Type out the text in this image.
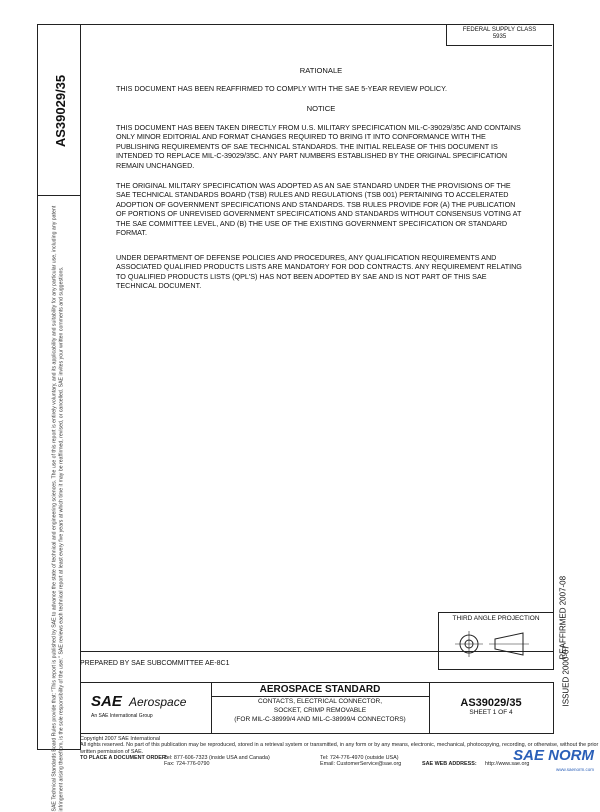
AS39029/35
SAE Technical Standards Board Rules provide that: "This report is published by SAE to advance the state of technical and engineering sciences. The use of this report is entirely voluntary, and its applicability and suitability for any particular use, including any patent infringement arising therefrom, is the sole responsibility of the user." SAE reviews each technical report at least every five years at which time it may be reaffirmed, revised, or cancelled. SAE invites your written comments and suggestions.
FEDERAL SUPPLY CLASS
5935
RATIONALE

THIS DOCUMENT HAS BEEN REAFFIRMED TO COMPLY WITH THE SAE 5-YEAR REVIEW POLICY.

NOTICE

THIS DOCUMENT HAS BEEN TAKEN DIRECTLY FROM U.S. MILITARY SPECIFICATION MIL-C-39029/35C AND CONTAINS ONLY MINOR EDITORIAL AND FORMAT CHANGES REQUIRED TO BRING IT INTO CONFORMANCE WITH THE PUBLISHING REQUIREMENTS OF SAE TECHNICAL STANDARDS. THE INITIAL RELEASE OF THIS DOCUMENT IS INTENDED TO REPLACE MIL-C-39029/35C. ANY PART NUMBERS ESTABLISHED BY THE ORIGINAL SPECIFICATION REMAIN UNCHANGED.

THE ORIGINAL MILITARY SPECIFICATION WAS ADOPTED AS AN SAE STANDARD UNDER THE PROVISIONS OF THE SAE TECHNICAL STANDARDS BOARD (TSB) RULES AND REGULATIONS (TSB 001) PERTAINING TO ACCELERATED ADOPTION OF GOVERNMENT SPECIFICATIONS AND STANDARDS. TSB RULES PROVIDE FOR (A) THE PUBLICATION OF PORTIONS OF UNREVISED GOVERNMENT SPECIFICATIONS AND STANDARDS WITHOUT CONSENSUS VOTING AT THE SAE COMMITTEE LEVEL, AND (B) THE USE OF THE EXISTING GOVERNMENT SPECIFICATION OR STANDARD FORMAT.

UNDER DEPARTMENT OF DEFENSE POLICIES AND PROCEDURES, ANY QUALIFICATION REQUIREMENTS AND ASSOCIATED QUALIFIED PRODUCTS LISTS ARE MANDATORY FOR DOD CONTRACTS. ANY REQUIREMENT RELATING TO QUALIFIED PRODUCTS LISTS (QPL'S) HAS NOT BEEN ADOPTED BY SAE AND IS NOT PART OF THIS SAE TECHNICAL DOCUMENT.

REAFFIRMED 2007-08
ISSUED 2000-07
THIRD ANGLE PROJECTION
PREPARED BY SAE SUBCOMMITTEE AE-8C1
SAE Aerospace
An SAE International Group
AEROSPACE STANDARD
CONTACTS, ELECTRICAL CONNECTOR,
SOCKET, CRIMP REMOVABLE
(FOR MIL-C-38999/4 AND MIL-C-38999/4 CONNECTORS)
AS39029/35
SHEET 1 OF 4
Copyright 2007 SAE International
All rights reserved. No part of this publication may be reproduced, stored in a retrieval system or transmitted, in any form or by any means, electronic, mechanical, photocopying, recording, or otherwise, without the prior written permission of SAE.
TO PLACE A DOCUMENT ORDER:
Tel: 877-606-7323 (inside USA and Canada)
Fax: 724-776-0790
Tel: 724-776-4970 (outside USA)
Email: CustomerService@sae.org	SAE WEB ADDRESS: http://www.sae.org
SAE NORM
www.saenorm.com
